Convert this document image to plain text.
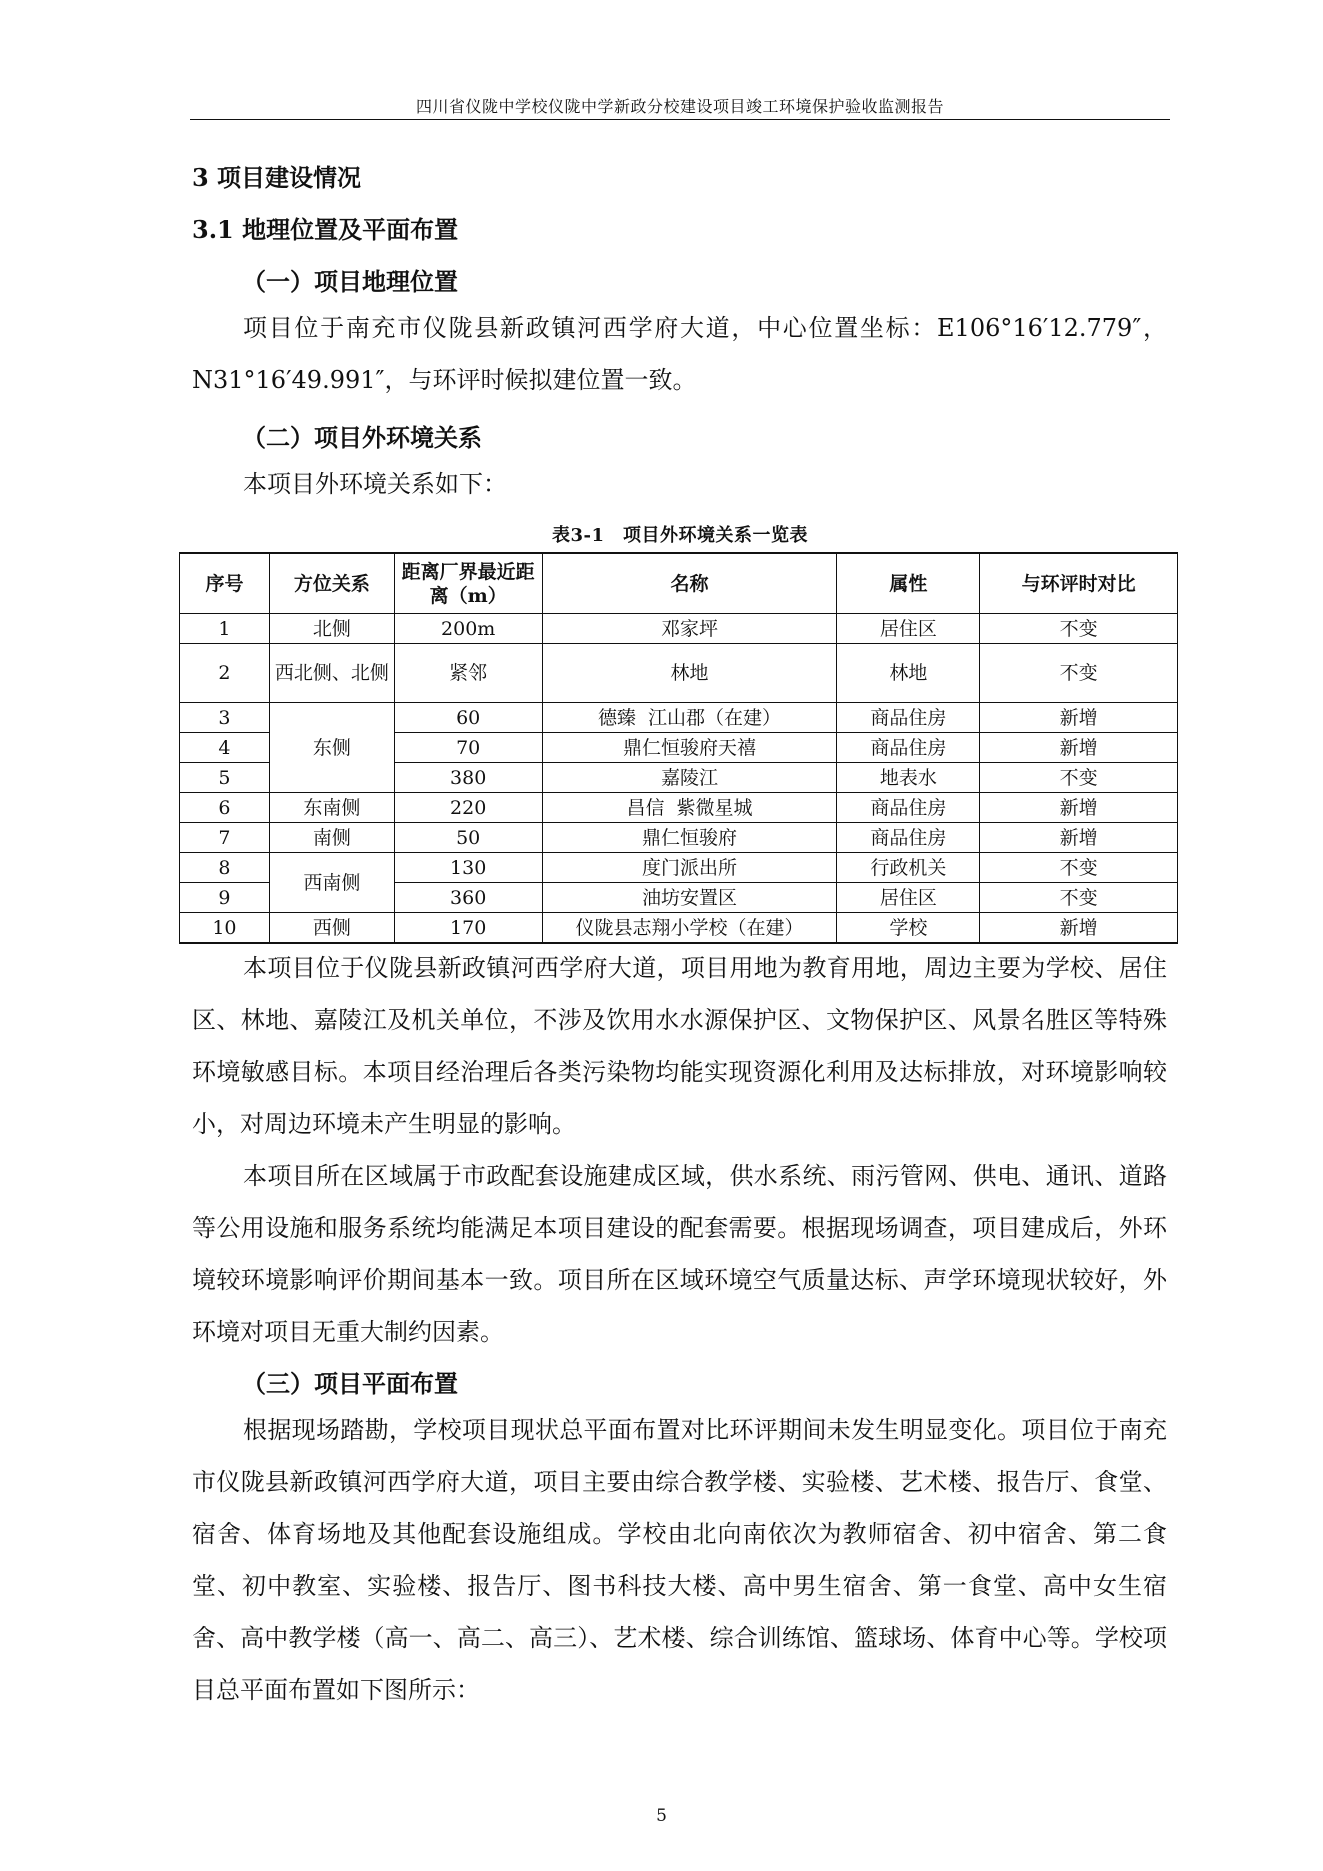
四川省仪陇中学校仪陇中学新政分校建设项目竣工环境保护验收监测报告
3 项目建设情况
3.1 地理位置及平面布置
（一）项目地理位置

项目位于南充市仪陇县新政镇河西学府大道，中心位置坐标：E106°16′12.779″，N31°16′49.991″，与环评时候拟建位置一致。

（二）项目外环境关系

本项目外环境关系如下：

表3-1　项目外环境关系一览表
序号	方位关系	距离厂界最近距离（m）	名称	属性	与环评时对比
1	北侧	200m	邓家坪	居住区	不变
2	西北侧、北侧	紧邻	林地	林地	不变
3	东侧	60	德臻  江山郡（在建）	商品住房	新增
4		70	鼎仁恒骏府天禧	商品住房	新增
5		380	嘉陵江	地表水	不变
6	东南侧	220	昌信  紫微星城	商品住房	新增
7	南侧	50	鼎仁恒骏府	商品住房	新增
8	西南侧	130	度门派出所	行政机关	不变
9		360	油坊安置区	居住区	不变
10	西侧	170	仪陇县志翔小学校（在建）	学校	新增

本项目位于仪陇县新政镇河西学府大道，项目用地为教育用地，周边主要为学校、居住区、林地、嘉陵江及机关单位，不涉及饮用水水源保护区、文物保护区、风景名胜区等特殊环境敏感目标。本项目经治理后各类污染物均能实现资源化利用及达标排放，对环境影响较小，对周边环境未产生明显的影响。

本项目所在区域属于市政配套设施建成区域，供水系统、雨污管网、供电、通讯、道路等公用设施和服务系统均能满足本项目建设的配套需要。根据现场调查，项目建成后，外环境较环境影响评价期间基本一致。项目所在区域环境空气质量达标、声学环境现状较好，外环境对项目无重大制约因素。

（三）项目平面布置

根据现场踏勘，学校项目现状总平面布置对比环评期间未发生明显变化。项目位于南充市仪陇县新政镇河西学府大道，项目主要由综合教学楼、实验楼、艺术楼、报告厅、食堂、宿舍、体育场地及其他配套设施组成。学校由北向南依次为教师宿舍、初中宿舍、第二食堂、初中教室、实验楼、报告厅、图书科技大楼、高中男生宿舍、第一食堂、高中女生宿舍、高中教学楼（高一、高二、高三）、艺术楼、综合训练馆、篮球场、体育中心等。学校项目总平面布置如下图所示：

5
